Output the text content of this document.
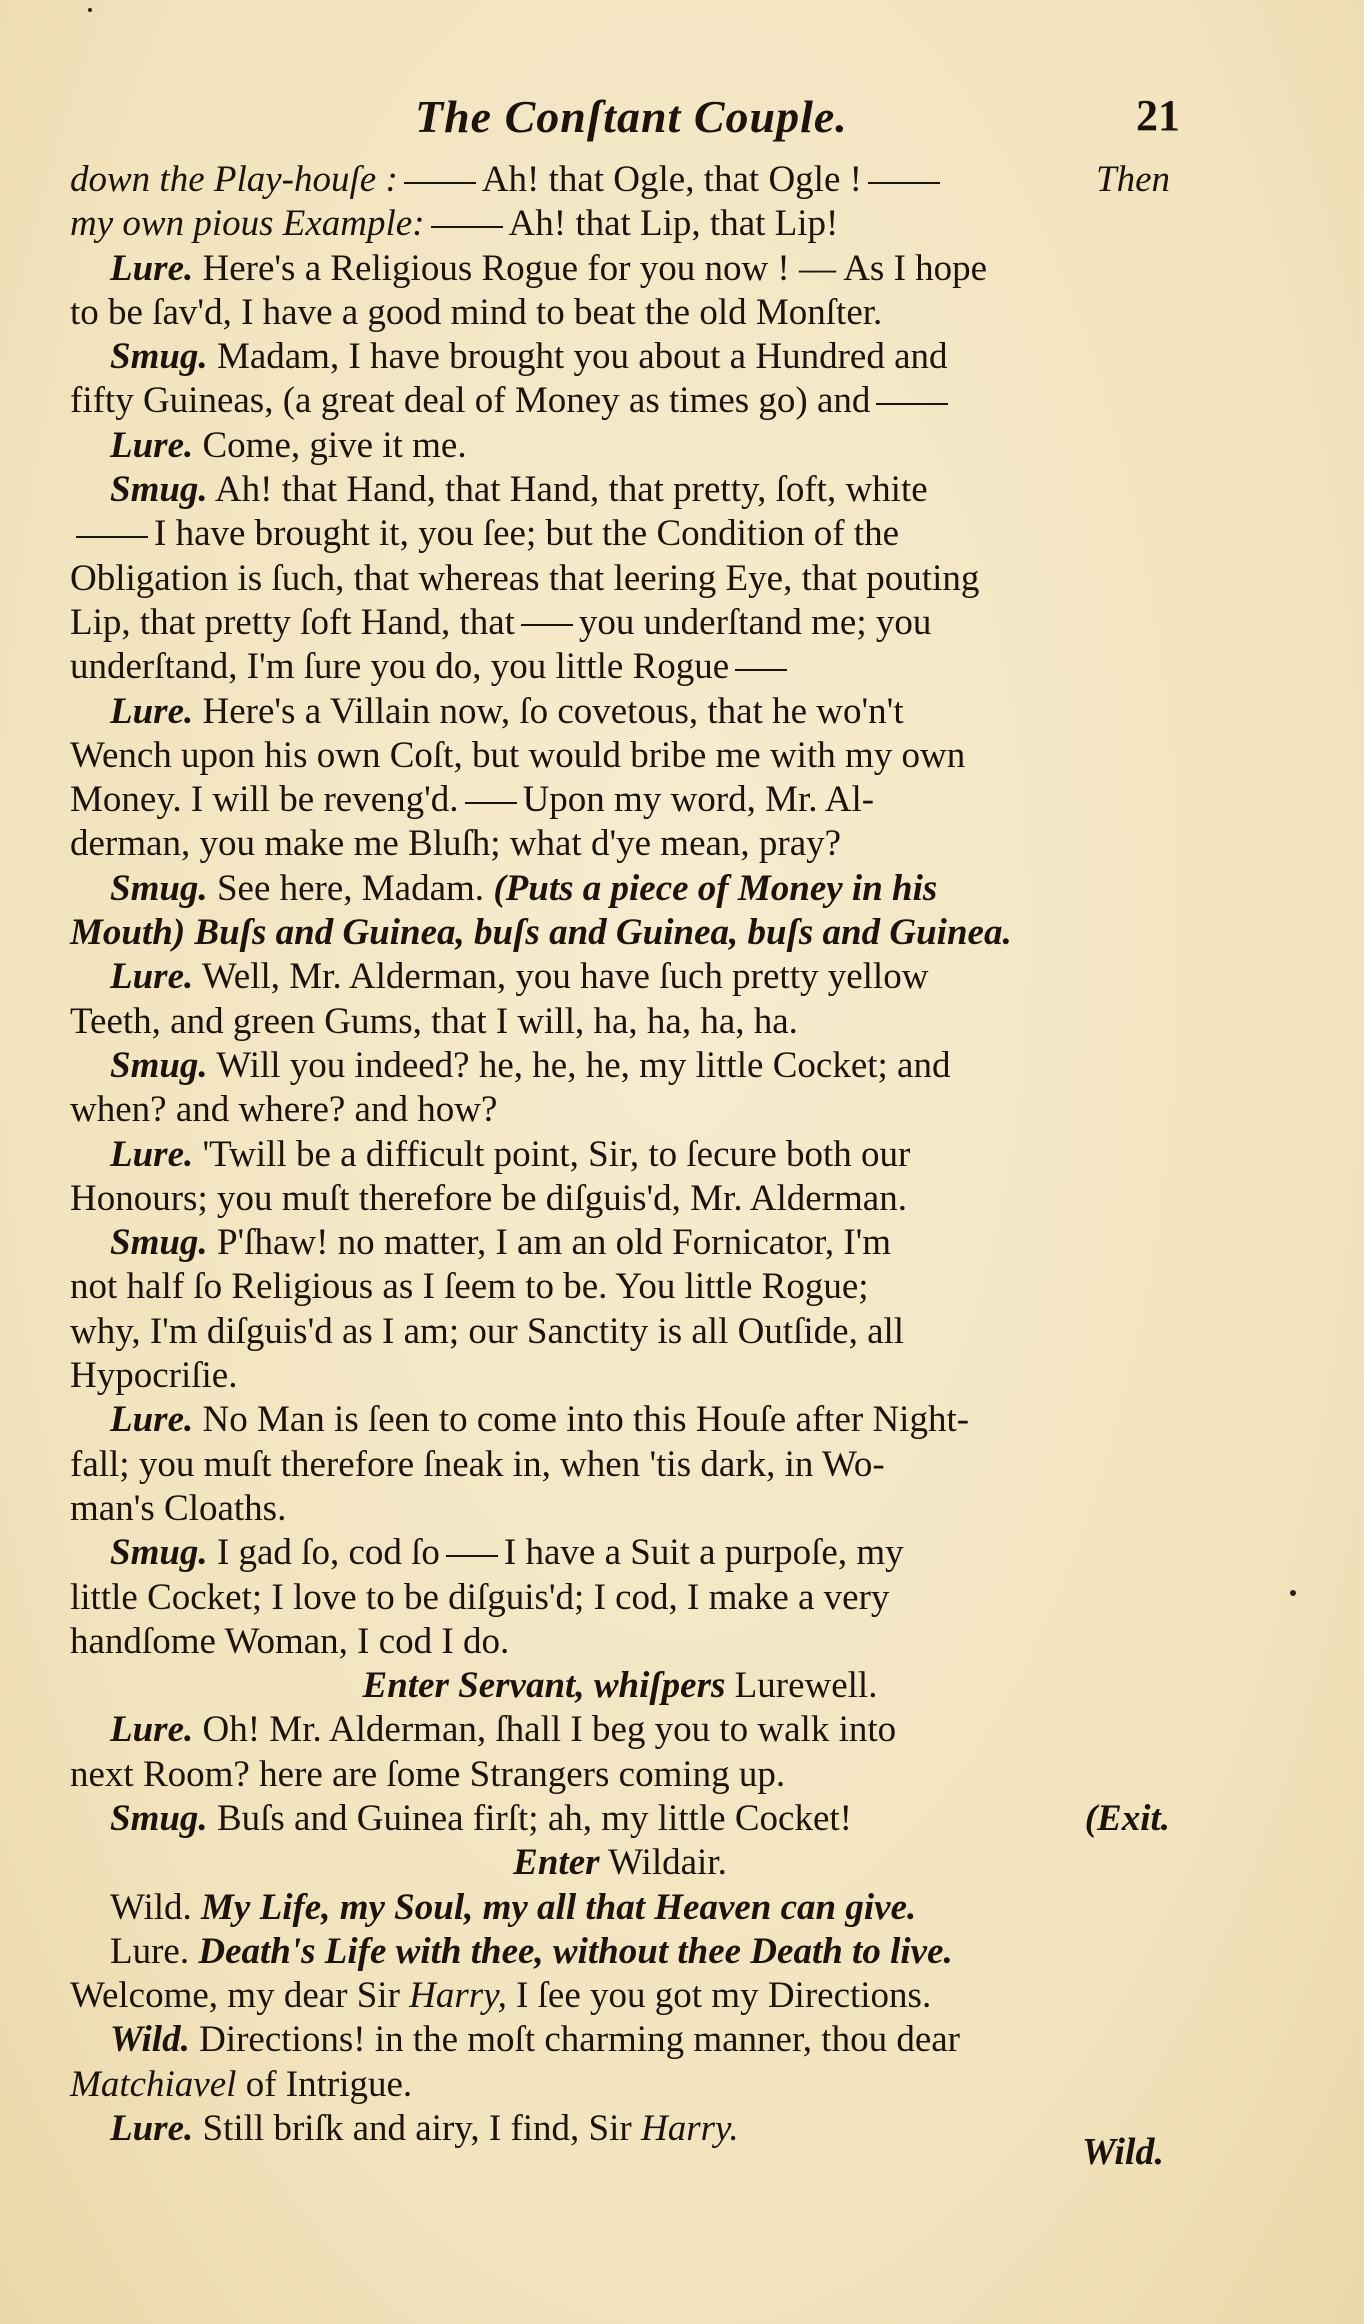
The Conſtant Couple.	21
down the Play-houſe : Ah! that Ogle, that Ogle !	Then
my own pious Example: Ah! that Lip, that Lip!
Lure. Here's a Religious Rogue for you now ! — As I hope
to be ſav'd, I have a good mind to beat the old Monſter.
Smug. Madam, I have brought you about a Hundred and
fifty Guineas, (a great deal of Money as times go) and
Lure. Come, give it me.
Smug. Ah! that Hand, that Hand, that pretty, ſoft, white
I have brought it, you ſee; but the Condition of the
Obligation is ſuch, that whereas that leering Eye, that pouting
Lip, that pretty ſoft Hand, that you underſtand me; you
underſtand, I'm ſure you do, you little Rogue
Lure. Here's a Villain now, ſo covetous, that he wo'n't
Wench upon his own Coſt, but would bribe me with my own
Money. I will be reveng'd. Upon my word, Mr. Al-
derman, you make me Bluſh; what d'ye mean, pray?
Smug. See here, Madam. (Puts a piece of Money in his
Mouth) Buſs and Guinea, buſs and Guinea, buſs and Guinea.
Lure. Well, Mr. Alderman, you have ſuch pretty yellow
Teeth, and green Gums, that I will, ha, ha, ha, ha.
Smug. Will you indeed? he, he, he, my little Cocket; and
when? and where? and how?
Lure. 'Twill be a difficult point, Sir, to ſecure both our
Honours; you muſt therefore be diſguis'd, Mr. Alderman.
Smug. P'ſhaw! no matter, I am an old Fornicator, I'm
not half ſo Religious as I ſeem to be. You little Rogue;
why, I'm diſguis'd as I am; our Sanctity is all Outſide, all
Hypocriſie.
Lure. No Man is ſeen to come into this Houſe after Night-
fall; you muſt therefore ſneak in, when 'tis dark, in Wo-
man's Cloaths.
Smug. I gad ſo, cod ſo I have a Suit a purpoſe, my
little Cocket; I love to be diſguis'd; I cod, I make a very
handſome Woman, I cod I do.
Enter Servant, whiſpers Lurewell.
Lure. Oh! Mr. Alderman, ſhall I beg you to walk into
next Room? here are ſome Strangers coming up.
Smug. Buſs and Guinea firſt; ah, my little Cocket!	(Exit.
Enter Wildair.
Wild. My Life, my Soul, my all that Heaven can give.
Lure. Death's Life with thee, without thee Death to live.
Welcome, my dear Sir Harry, I ſee you got my Directions.
Wild. Directions! in the moſt charming manner, thou dear
Matchiavel of Intrigue.
Lure. Still briſk and airy, I find, Sir Harry.
Wild.
